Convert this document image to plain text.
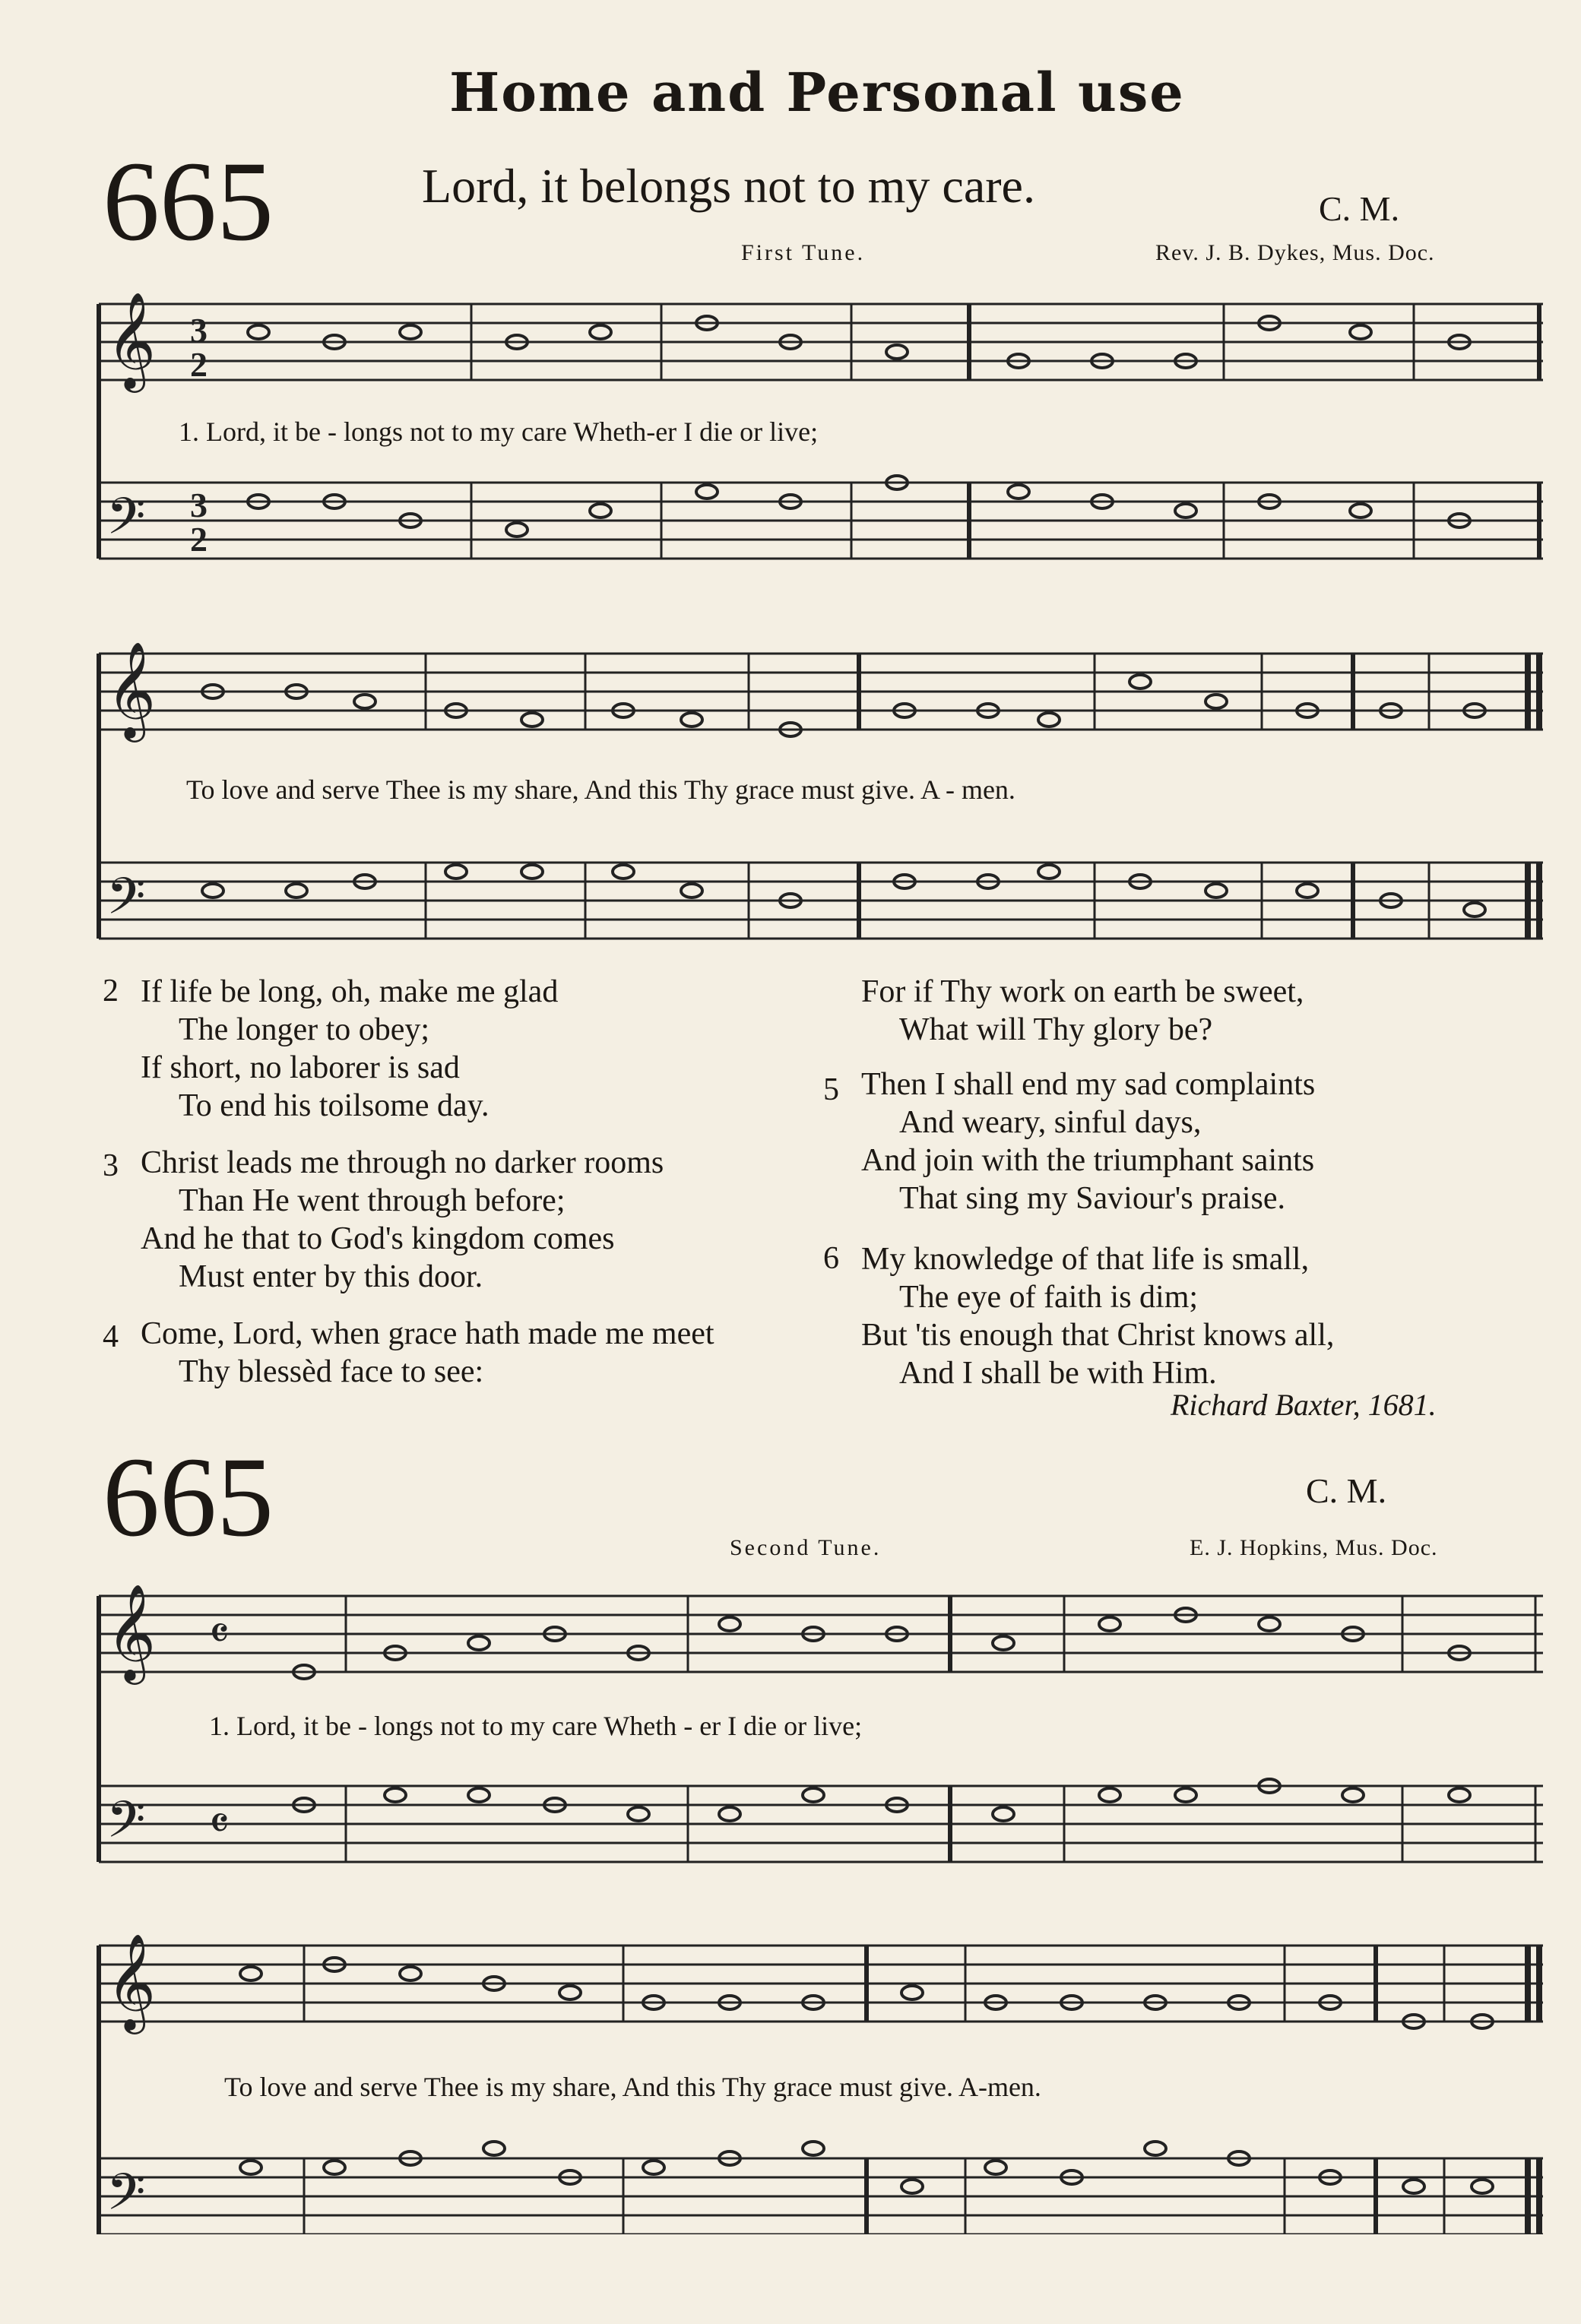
Home and Personal use
665	Lord, it belongs not to my care.	C. M.
First Tune.	Rev. J. B. Dykes, Mus. Doc.
𝄞
𝄢
3
2
3
2
1. Lord, it be - longs not to my care Wheth-er I die or live;
𝄞
𝄢
To love and serve Thee is my share, And this Thy grace must give. A - men.
2 If life be long, oh, make me glad
The longer to obey;
If short, no laborer is sad
To end his toilsome day.
3 Christ leads me through no darker rooms
Than He went through before;
And he that to God's kingdom comes
Must enter by this door.
4 Come, Lord, when grace hath made me meet
Thy blessèd face to see:
For if Thy work on earth be sweet,
What will Thy glory be?
5 Then I shall end my sad complaints
And weary, sinful days,
And join with the triumphant saints
That sing my Saviour's praise.
6 My knowledge of that life is small,
The eye of faith is dim;
But 'tis enough that Christ knows all,
And I shall be with Him.
Richard Baxter, 1681.
665	C. M.
Second Tune.	E. J. Hopkins, Mus. Doc.
𝄞
𝄢
𝄴
𝄴
1. Lord, it be - longs not to my care Wheth - er I die or live;
𝄞
𝄢
To love and serve Thee is my share, And this Thy grace must give. A-men.
